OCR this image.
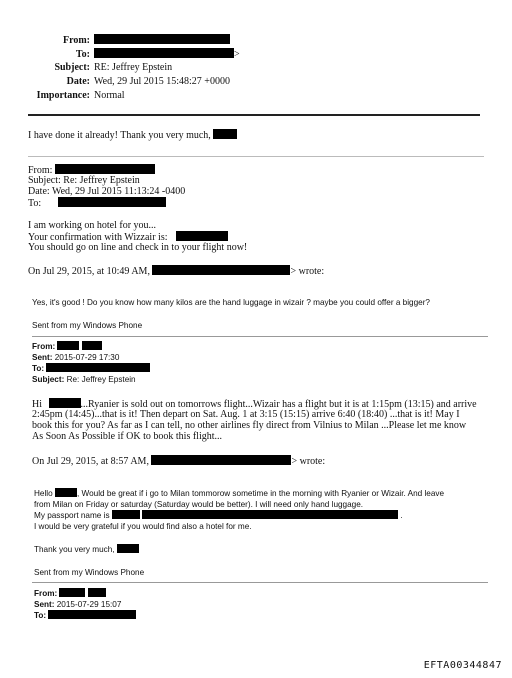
From:
To:	>
Subject: RE: Jeffrey Epstein
Date: Wed, 29 Jul 2015 15:48:27 +0000
Importance: Normal
I have done it already! Thank you very much,
From:
Subject: Re: Jeffrey Epstein
Date: Wed, 29 Jul 2015 11:13:24 -0400
To:
I am working on hotel for you...
Your confirmation with Wizzair is:
You should go on line and check in to your flight now!
On Jul 29, 2015, at 10:49 AM,	> wrote:
Yes, it's good ! Do you know how many kilos are the hand luggage in wizair ? maybe you could offer a bigger?
Sent from my Windows Phone
From:
Sent: 2015-07-29 17:30
To:
Subject: Re: Jeffrey Epstein
Hi	...Ryanier is sold out on tomorrows flight...Wizair has a flight but it is at 1:15pm (13:15) and arrive
2:45pm (14:45)...that is it! Then depart on Sat. Aug. 1 at 3:15 (15:15) arrive 6:40 (18:40) ...that is it! May I
book this for you? As far as I can tell, no other airlines fly direct from Vilnius to Milan ...Please let me know
As Soon As Possible if OK to book this flight...
On Jul 29, 2015, at 8:57 AM,	> wrote:
Hello	, Would be great if i go to Milan tommorow sometime in the morning with Ryanier or Wizair. And leave
from Milan on Friday or saturday (Saturday would be better). I will need only hand luggage.
My passport name is	.
I would be very grateful if you would find also a hotel for me.
Thank you very much,
Sent from my Windows Phone
From:
Sent: 2015-07-29 15:07
To:
EFTA00344847
